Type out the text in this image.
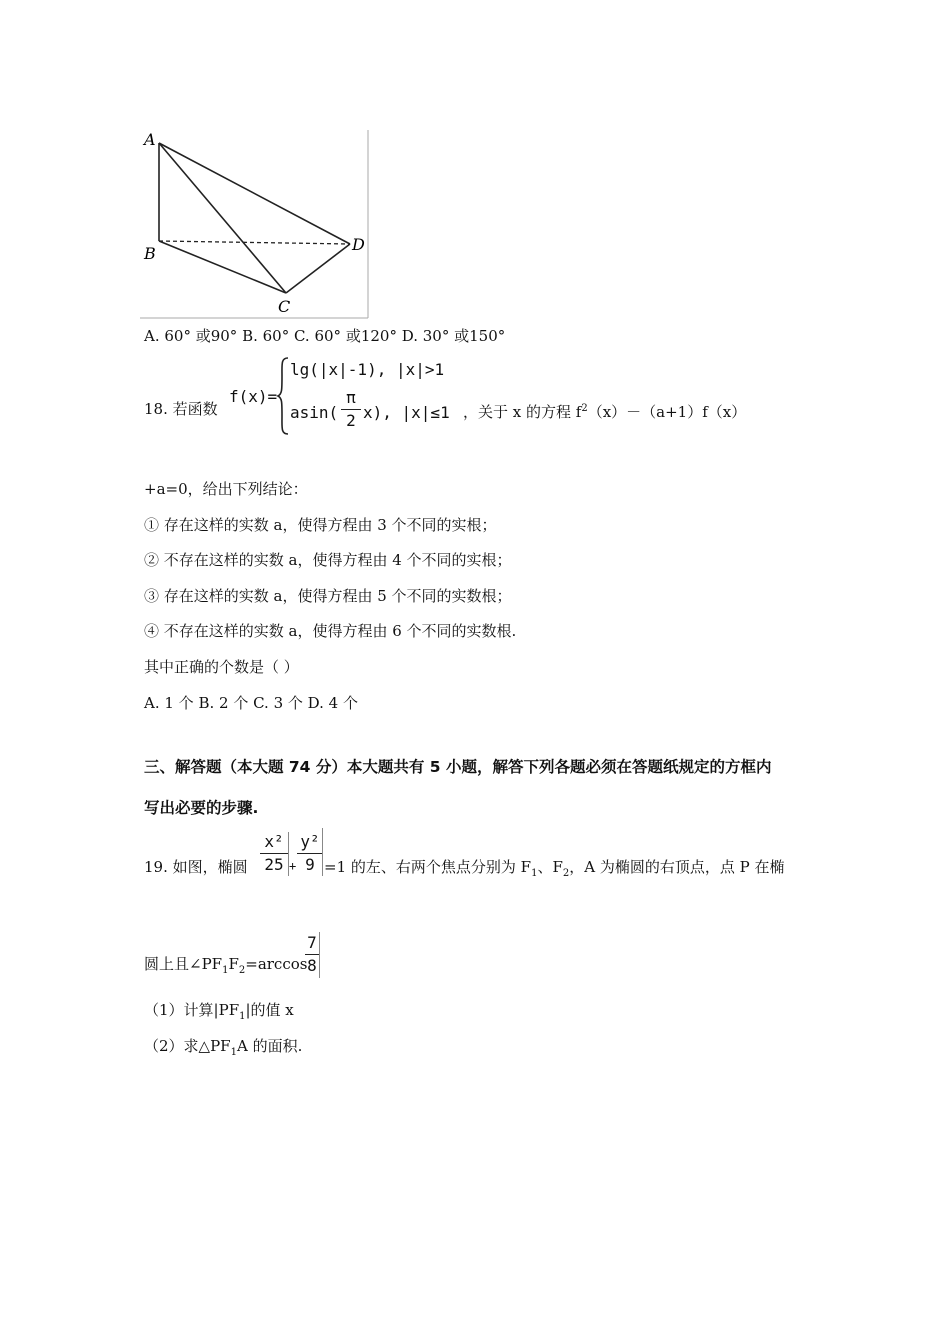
A
B
C
D
A. 60° 或90° B. 60° C. 60° 或120° D. 30° 或150°
18. 若函数
f(x)=
lg(|x|-1), |x|>1
asin(
π
2 x), |x|≤1 ，关于 x 的方程 $f^2(x)-(a+1)f(x)$
+a=0，给出下列结论：
① 存在这样的实数 a，使得方程由 3 个不同的实根；
② 不存在这样的实数 a，使得方程由 4 个不同的实根；
③ 存在这样的实数 a，使得方程由 5 个不同的实数根；
④ 不存在这样的实数 a，使得方程由 6 个不同的实数根.
其中正确的个数是（ ）
A. 1 个 B. 2 个 C. 3 个 D. 4 个
三、解答题（本大题 74 分）本大题共有 5 小题，解答下列各题必须在答题纸规定的方框内
写出必要的步骤.
19. 如图，椭圆
x²
25 +
y²
9 =1 的左、右两个焦点分别为 $F_1$、$F_2$，A 为椭圆的右顶点，点 P 在椭
圆上且$\angle PF_1F_2=\arccos$
7
8
（1）计算$|PF_1|$的值 x
（2）求$\triangle PF_1A$ 的面积.
